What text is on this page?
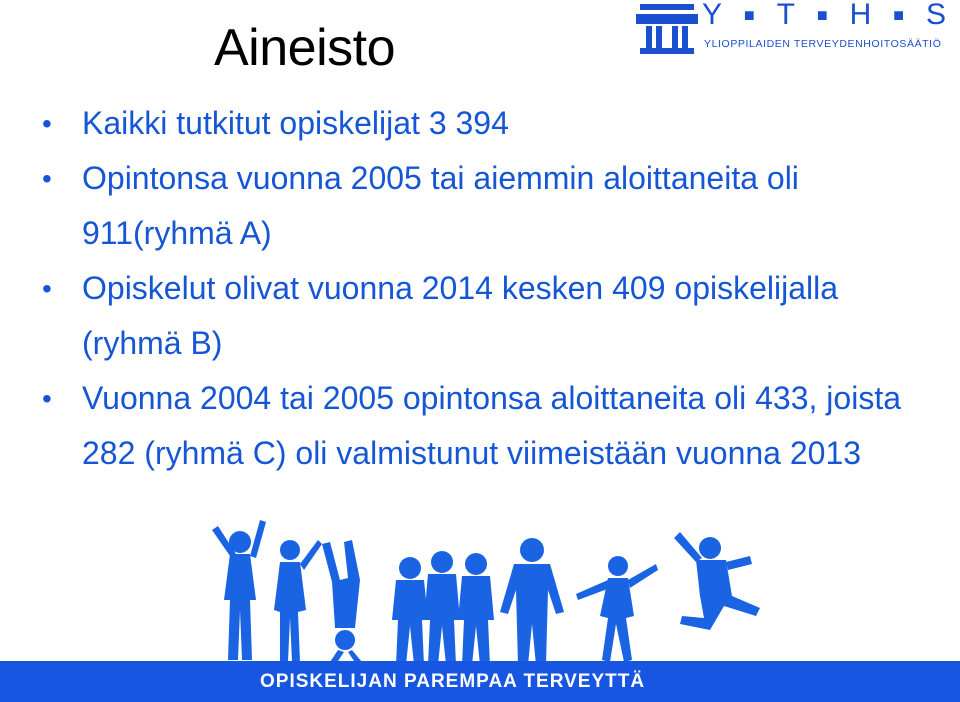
Aineisto
Y ■ T ■ H ■ S
YLIOPPILAIDEN TERVEYDENHOITOSÄÄTIÖ
• Kaikki tutkitut opiskelijat 3 394
• Opintonsa vuonna 2005 tai aiemmin aloittaneita oli 911(ryhmä A)
• Opiskelut olivat vuonna 2014 kesken 409 opiskelijalla (ryhmä B)
• Vuonna 2004 tai 2005 opintonsa aloittaneita oli 433, joista 282 (ryhmä C) oli valmistunut viimeistään vuonna 2013
OPISKELIJAN PAREMPAA TERVEYTTÄ
